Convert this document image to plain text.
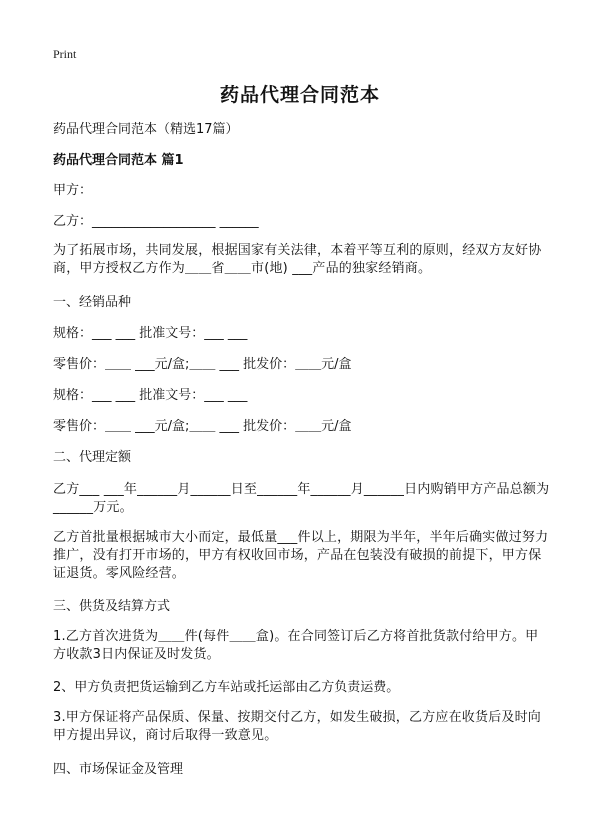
Print
药品代理合同范本
药品代理合同范本（精选17篇）
药品代理合同范本 篇1
甲方：
乙方：___________________ ______
为了拓展市场，共同发展，根据国家有关法律，本着平等互利的原则，经双方友好协商，甲方授权乙方作为＿＿省＿＿市(地) ___产品的独家经销商。
一、经销品种
规格：___ ___ 批准文号：___ ___
零售价：＿＿ ___元/盒;＿＿ ___ 批发价：＿＿元/盒
规格：___ ___ 批准文号：___ ___
零售价：＿＿ ___元/盒;＿＿ ___ 批发价：＿＿元/盒
二、代理定额
乙方___ ___年______月______日至______年______月______日内购销甲方产品总额为______万元。
乙方首批量根据城市大小而定，最低量___件以上，期限为半年，半年后确实做过努力推广，没有打开市场的，甲方有权收回市场，产品在包装没有破损的前提下，甲方保证退货。零风险经营。
三、供货及结算方式
1.乙方首次进货为＿＿件(每件＿＿盒)。在合同签订后乙方将首批货款付给甲方。甲方收款3日内保证及时发货。
2、甲方负责把货运输到乙方车站或托运部由乙方负责运费。
3.甲方保证将产品保质、保量、按期交付乙方，如发生破损，乙方应在收货后及时向甲方提出异议，商讨后取得一致意见。
四、市场保证金及管理
